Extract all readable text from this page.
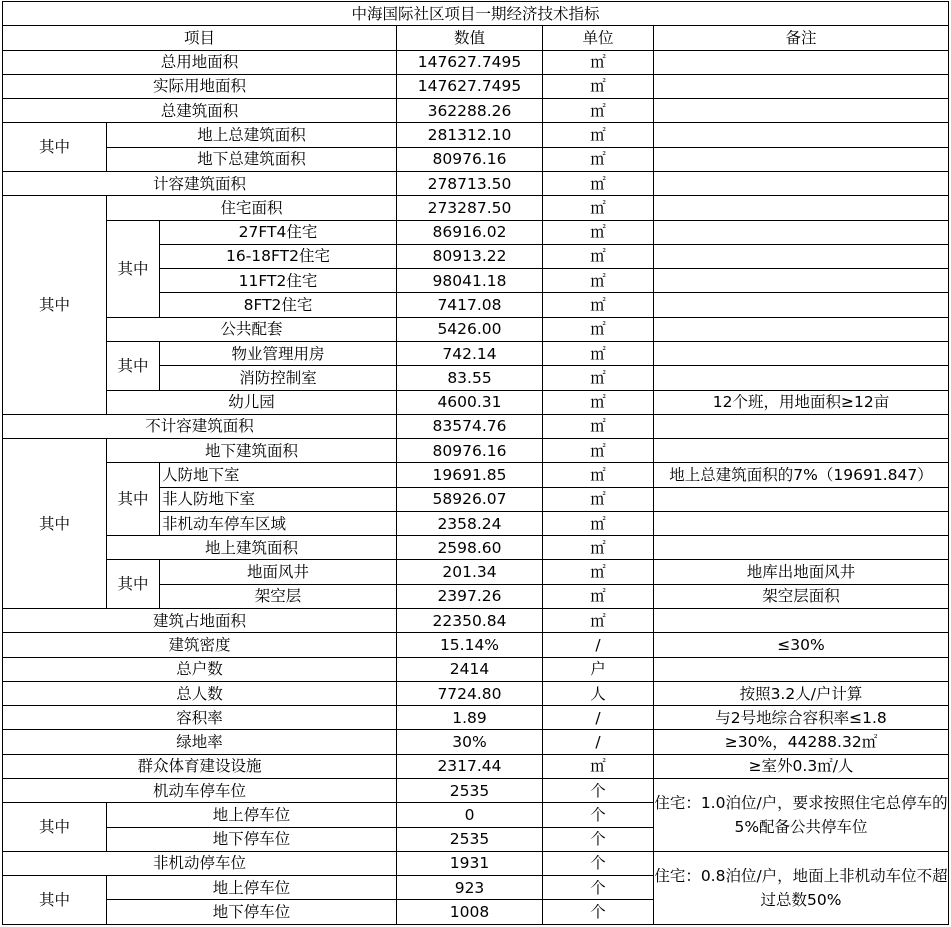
中海国际社区项目一期经济技术指标					
项目			数值	单位	备注
总用地面积			147627.7495	㎡	
实际用地面积			147627.7495	㎡	
总建筑面积			362288.26	㎡	
其中	地上总建筑面积		281312.10	㎡	
	地下总建筑面积		80976.16	㎡	
计容建筑面积			278713.50	㎡	
其中	住宅面积		273287.50	㎡	
	其中	27FT4住宅	86916.02	㎡	
		16-18FT2住宅	80913.22	㎡	
		11FT2住宅	98041.18	㎡	
		8FT2住宅	7417.08	㎡	
	公共配套		5426.00	㎡	
	其中	物业管理用房	742.14	㎡	
		消防控制室	83.55	㎡	
	幼儿园		4600.31	㎡	12个班，用地面积≥12亩
不计容建筑面积			83574.76	㎡	
其中	地下建筑面积		80976.16	㎡	
	其中	人防地下室	19691.85	㎡	地上总建筑面积的7%（19691.847）
		非人防地下室	58926.07	㎡	
		非机动车停车区域	2358.24	㎡	
	地上建筑面积		2598.60	㎡	
	其中	地面风井	201.34	㎡	地库出地面风井
		架空层	2397.26	㎡	架空层面积
建筑占地面积			22350.84	㎡	
建筑密度			15.14%	/	≤30%
总户数			2414	户	
总人数			7724.80	人	按照3.2人/户计算
容积率			1.89	/	与2号地综合容积率≤1.8
绿地率			30%	/	≥30%，44288.32㎡
群众体育建设设施			2317.44	㎡	≥室外0.3㎡/人
机动车停车位			2535	个	住宅：1.0泊位/户，要求按照住宅总停车的5%配备公共停车位
其中	地上停车位		0	个	
	地下停车位		2535	个	
非机动停车位			1931	个	住宅：0.8泊位/户，地面上非机动车位不超过总数50%
其中	地上停车位		923	个	
	地下停车位		1008	个	
